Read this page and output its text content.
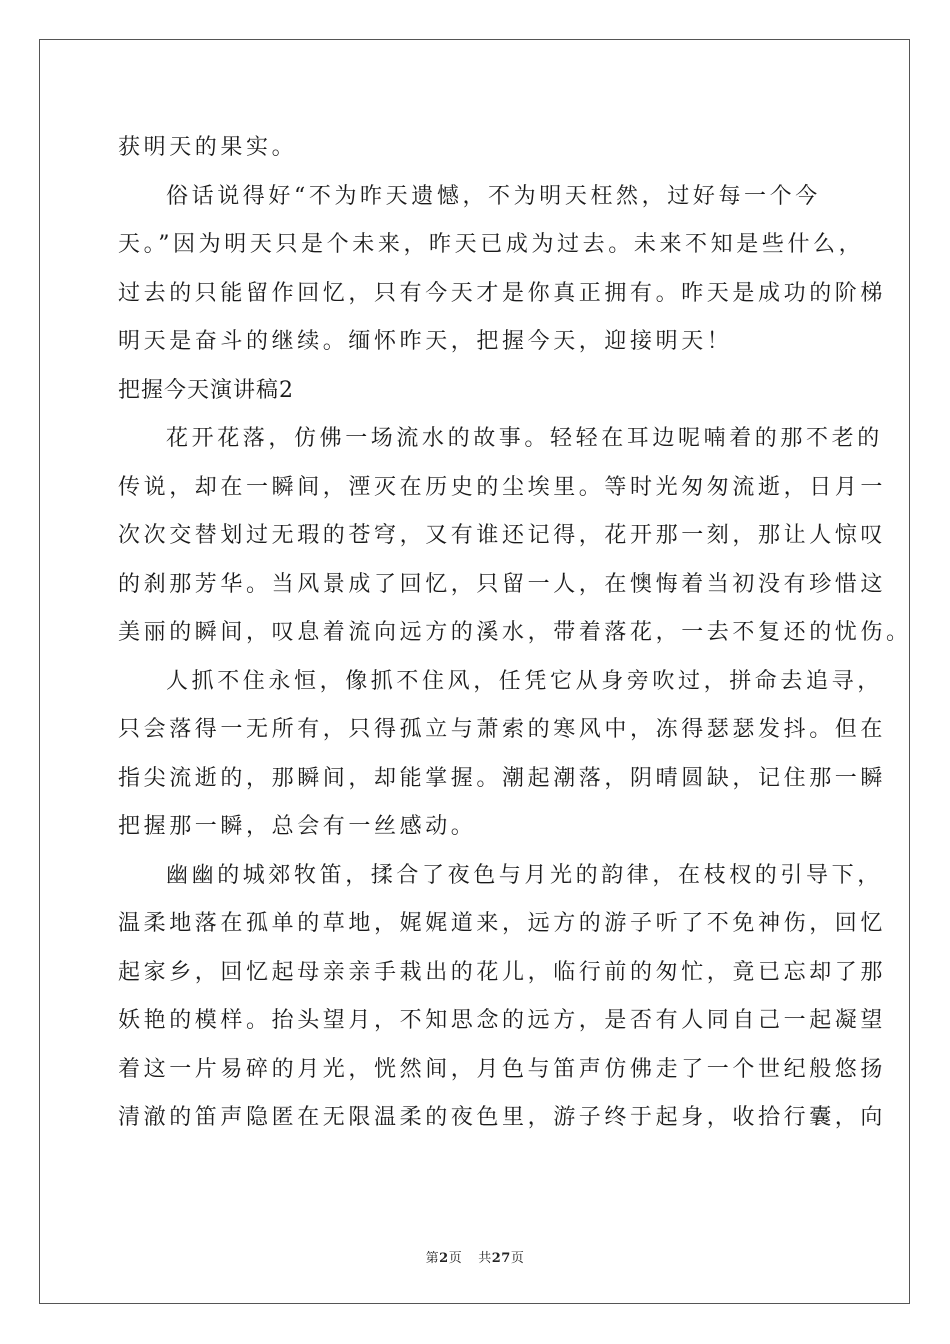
获明天的果实。
俗话说得好“不为昨天遗憾，不为明天枉然，过好每一个今
天。”因为明天只是个未来，昨天已成为过去。未来不知是些什么，
过去的只能留作回忆，只有今天才是你真正拥有。昨天是成功的阶梯
明天是奋斗的继续。缅怀昨天，把握今天，迎接明天！
把握今天演讲稿2
花开花落，仿佛一场流水的故事。轻轻在耳边呢喃着的那不老的
传说，却在一瞬间，湮灭在历史的尘埃里。等时光匆匆流逝，日月一
次次交替划过无瑕的苍穹，又有谁还记得，花开那一刻，那让人惊叹
的刹那芳华。当风景成了回忆，只留一人，在懊悔着当初没有珍惜这
美丽的瞬间，叹息着流向远方的溪水，带着落花，一去不复还的忧伤。
人抓不住永恒，像抓不住风，任凭它从身旁吹过，拼命去追寻，
只会落得一无所有，只得孤立与萧索的寒风中，冻得瑟瑟发抖。但在
指尖流逝的，那瞬间，却能掌握。潮起潮落，阴晴圆缺，记住那一瞬
把握那一瞬，总会有一丝感动。
幽幽的城郊牧笛，揉合了夜色与月光的韵律，在枝杈的引导下，
温柔地落在孤单的草地，娓娓道来，远方的游子听了不免神伤，回忆
起家乡，回忆起母亲亲手栽出的花儿，临行前的匆忙，竟已忘却了那
妖艳的模样。抬头望月，不知思念的远方，是否有人同自己一起凝望
着这一片易碎的月光，恍然间，月色与笛声仿佛走了一个世纪般悠扬
清澈的笛声隐匿在无限温柔的夜色里，游子终于起身，收拾行囊，向
第2页 共27页
